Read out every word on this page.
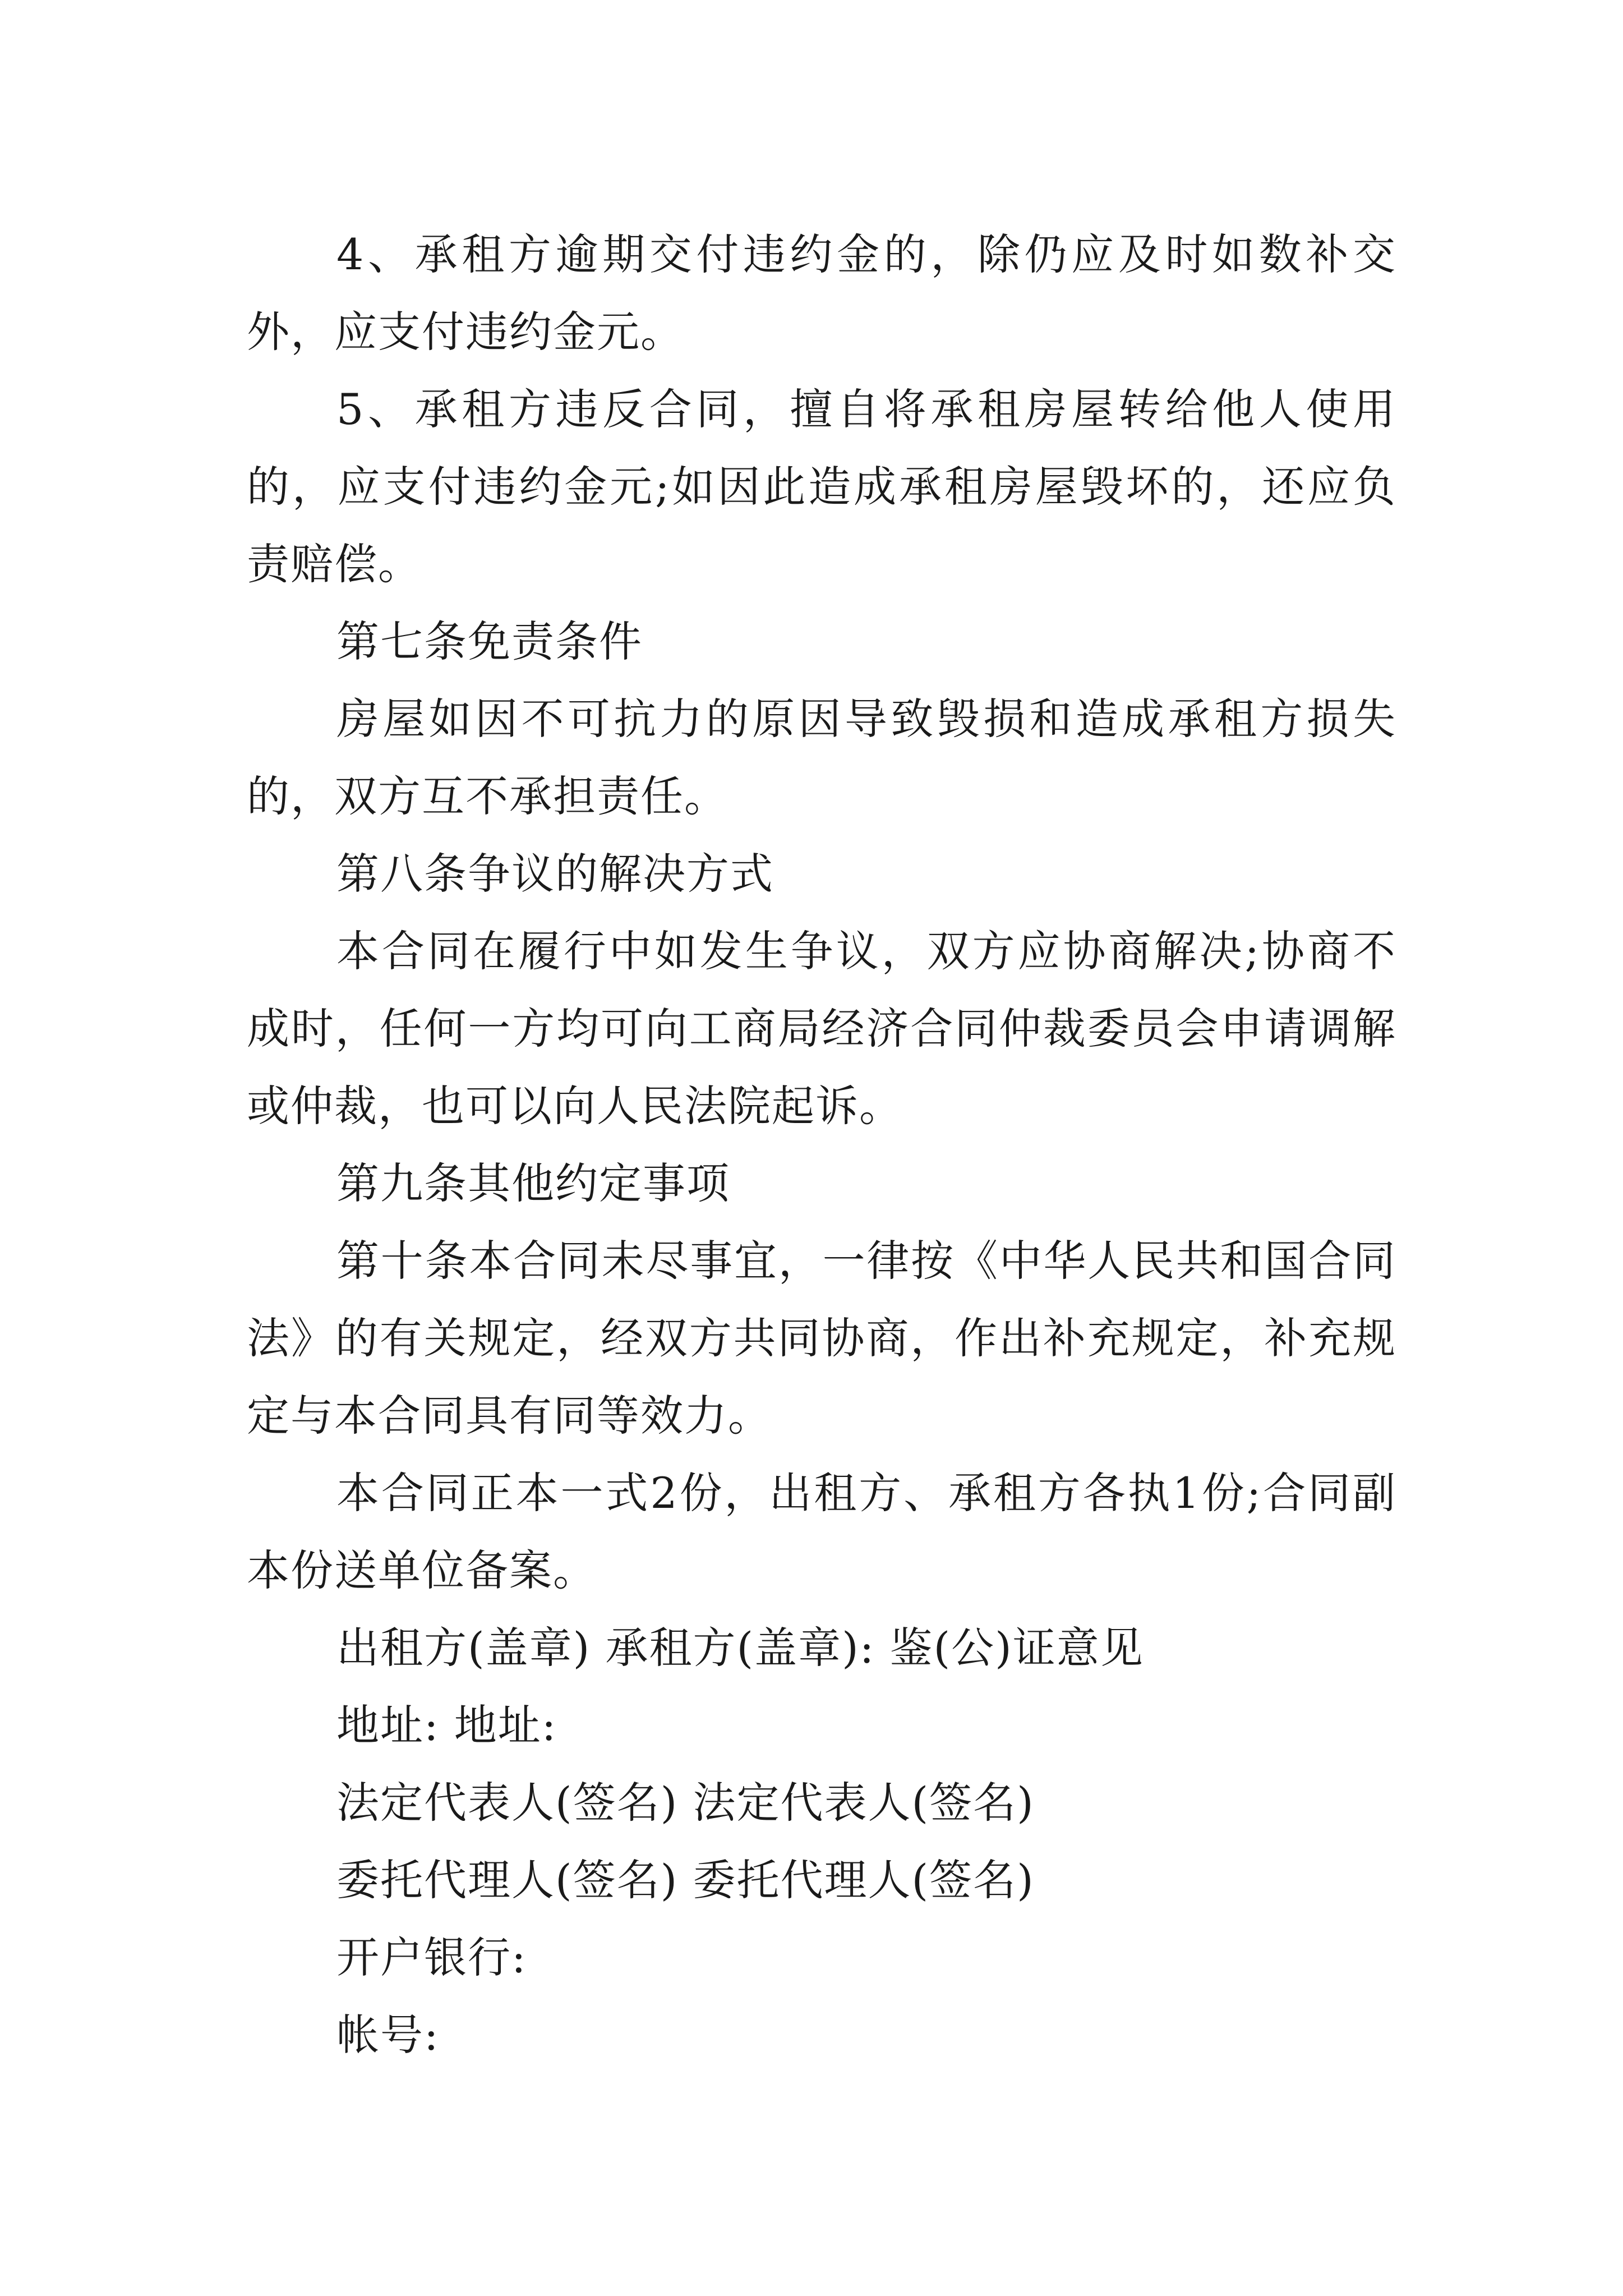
4、承租方逾期交付违约金的，除仍应及时如数补交外，应支付违约金元。

5、承租方违反合同，擅自将承租房屋转给他人使用的，应支付违约金元;如因此造成承租房屋毁坏的，还应负责赔偿。

第七条免责条件

房屋如因不可抗力的原因导致毁损和造成承租方损失的，双方互不承担责任。

第八条争议的解决方式

本合同在履行中如发生争议，双方应协商解决;协商不成时，任何一方均可向工商局经济合同仲裁委员会申请调解或仲裁，也可以向人民法院起诉。

第九条其他约定事项

第十条本合同未尽事宜，一律按《中华人民共和国合同法》的有关规定，经双方共同协商，作出补充规定，补充规定与本合同具有同等效力。

本合同正本一式2份，出租方、承租方各执1份;合同副本份送单位备案。

出租方(盖章) 承租方(盖章): 鉴(公)证意见

地址: 地址:

法定代表人(签名) 法定代表人(签名)

委托代理人(签名) 委托代理人(签名)

开户银行:

帐号:
